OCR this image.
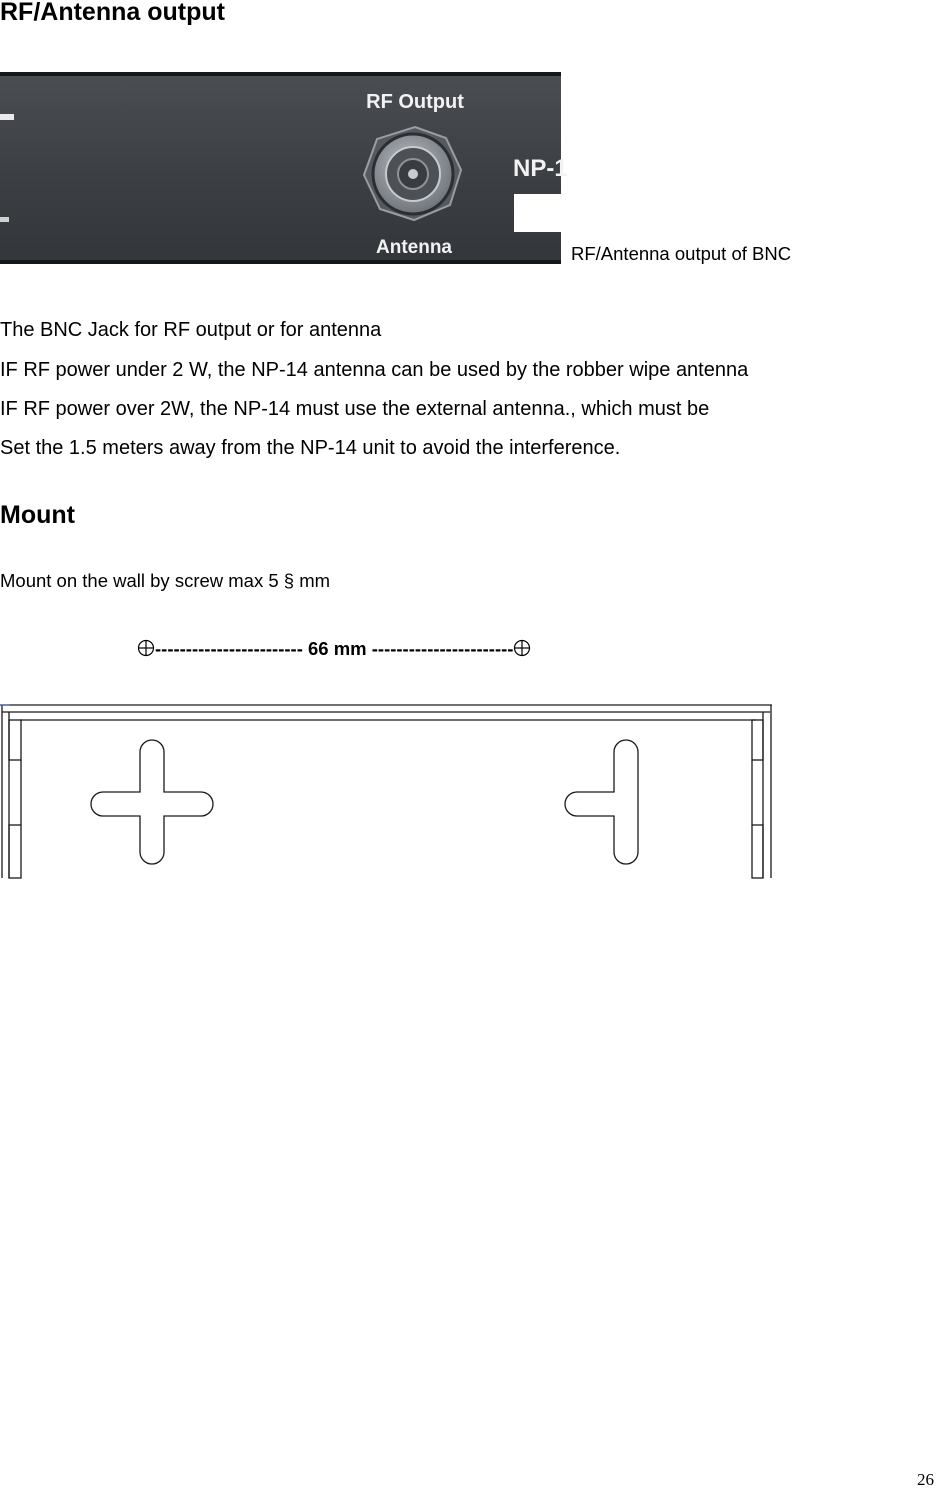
RF/Antenna output
RF Output
Antenna
NP-1
RF/Antenna output of BNC
The BNC Jack for RF output or for antenna
IF RF power under 2 W, the NP-14 antenna can be used by the robber wipe antenna
IF RF power over 2W, the NP-14 must use the external antenna., which must be
Set the 1.5 meters away from the NP-14 unit to avoid the interference.
Mount
Mount on the wall by screw max 5 § mm
------------------------ 66 mm -----------------------
26
